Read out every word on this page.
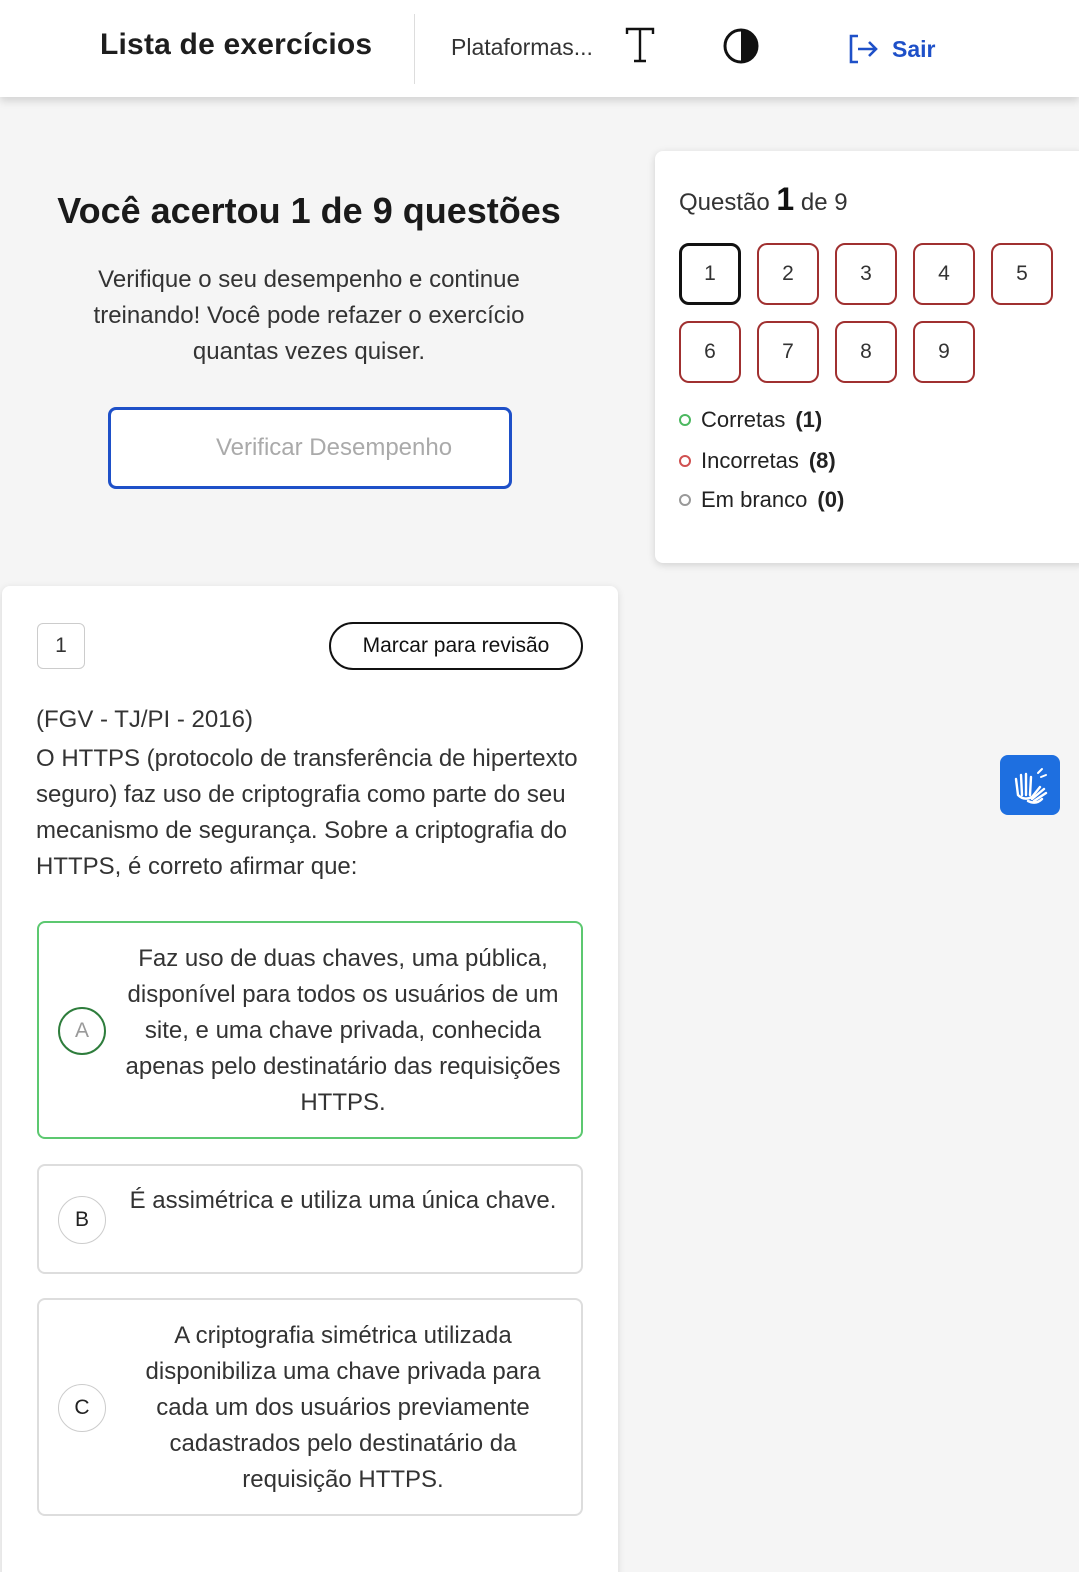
Lista de exercícios	Plataformas...	Sair
Você acertou 1 de 9 questões
Verifique o seu desempenho e continue treinando! Você pode refazer o exercício quantas vezes quiser.
Verificar Desempenho
Questão 1 de 9
1	2	3	4	5
6	7	8	9
Corretas (1)
Incorretas (8)
Em branco (0)
1	Marcar para revisão
(FGV - TJ/PI - 2016)
O HTTPS (protocolo de transferência de hipertexto seguro) faz uso de criptografia como parte do seu mecanismo de segurança. Sobre a criptografia do HTTPS, é correto afirmar que:
A
Faz uso de duas chaves, uma pública, disponível para todos os usuários de um site, e uma chave privada, conhecida apenas pelo destinatário das requisições HTTPS.
B
É assimétrica e utiliza uma única chave.
C
A criptografia simétrica utilizada disponibiliza uma chave privada para cada um dos usuários previamente cadastrados pelo destinatário da requisição HTTPS.
